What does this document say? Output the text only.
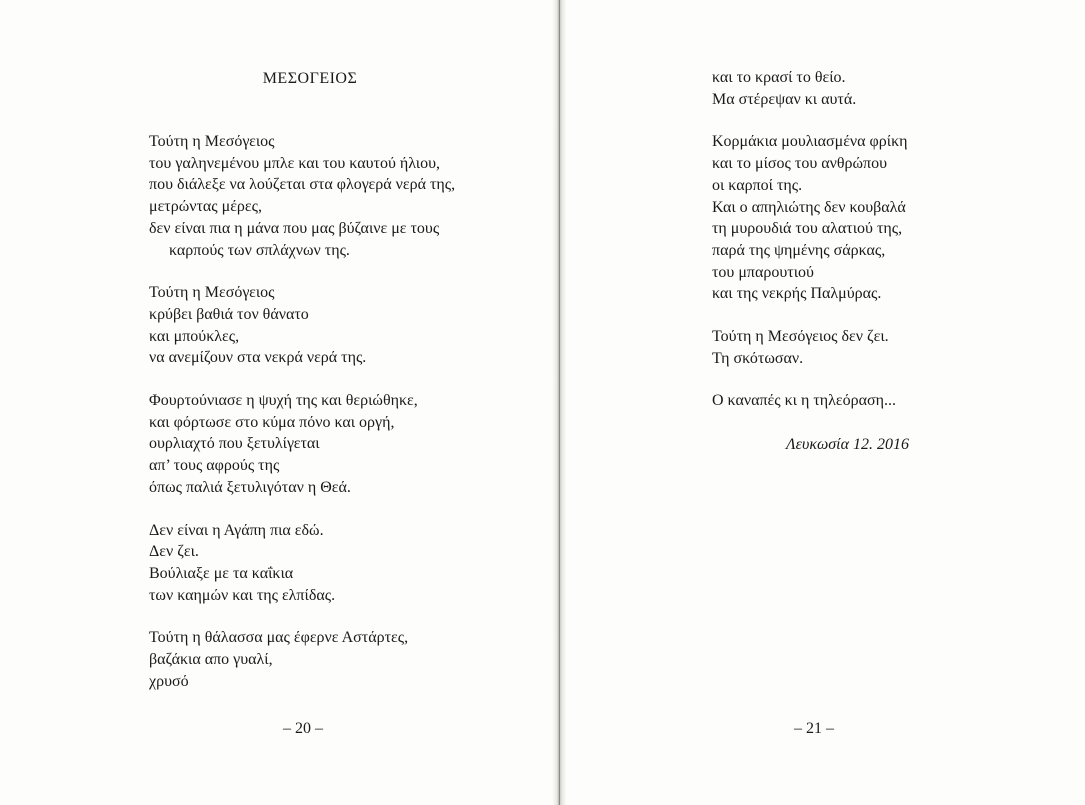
ΜΕΣΟΓΕΙΟΣ
Τούτη η Μεσόγειος
του γαληνεμένου μπλε και του καυτού ήλιου,
που διάλεξε να λούζεται στα φλογερά νερά της,
μετρώντας μέρες,
δεν είναι πια η μάνα που μας βύζαινε με τους
καρπούς των σπλάχνων της.
Τούτη η Μεσόγειος
κρύβει βαθιά τον θάνατο
και μπούκλες,
να ανεμίζουν στα νεκρά νερά της.
Φουρτούνιασε η ψυχή της και θεριώθηκε,
και φόρτωσε στο κύμα πόνο και οργή,
ουρλιαχτό που ξετυλίγεται
απ’ τους αφρούς της
όπως παλιά ξετυλιγόταν η Θεά.
Δεν είναι η Αγάπη πια εδώ.
Δεν ζει.
Βούλιαξε με τα καΐκια
των καημών και της ελπίδας.
Τούτη η θάλασσα μας έφερνε Αστάρτες,
βαζάκια απο γυαλί,
χρυσό
– 20 –
και το κρασί το θείο.
Μα στέρεψαν κι αυτά.
Κορμάκια μουλιασμένα φρίκη
και το μίσος του ανθρώπου
οι καρποί της.
Και ο απηλιώτης δεν κουβαλά
τη μυρουδιά του αλατιού της,
παρά της ψημένης σάρκας,
του μπαρουτιού
και της νεκρής Παλμύρας.
Τούτη η Μεσόγειος δεν ζει.
Τη σκότωσαν.
Ο καναπές κι η τηλεόραση...
Λευκωσία 12. 2016
– 21 –
